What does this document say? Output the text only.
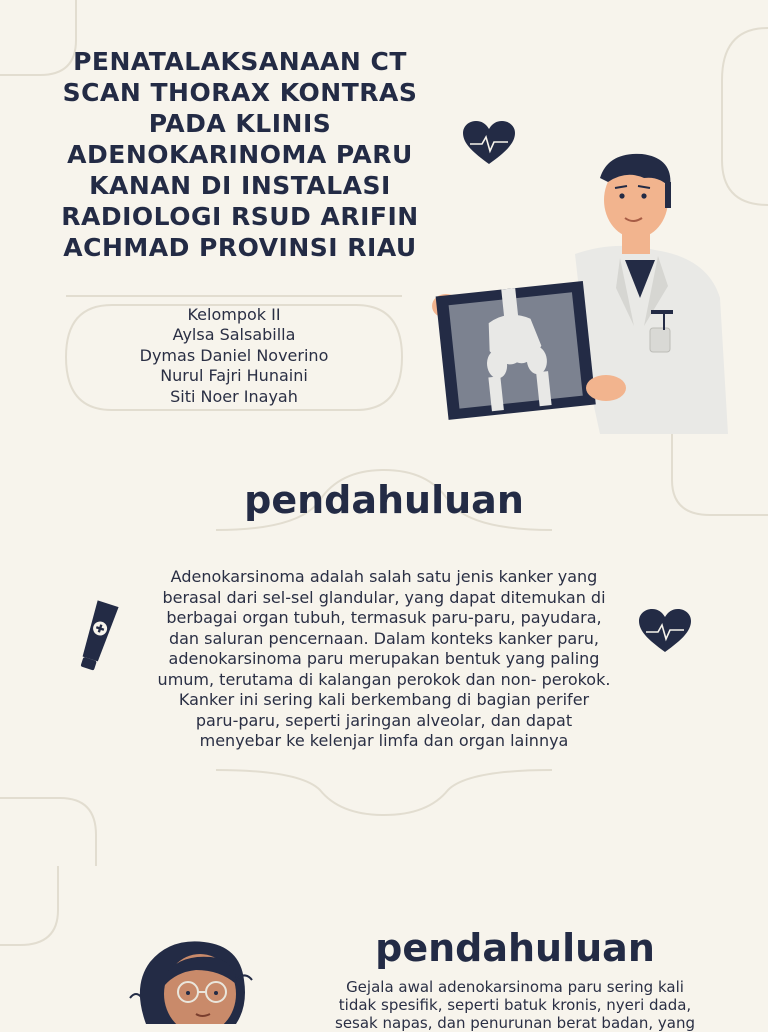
PENATALAKSANAAN CT SCAN THORAX KONTRAS PADA KLINIS ADENOKARINOMA PARU KANAN DI INSTALASI RADIOLOGI RSUD ARIFIN ACHMAD PROVINSI RIAU
Kelompok II
Aylsa Salsabilla
Dymas Daniel Noverino
Nurul Fajri Hunaini
Siti Noer Inayah
pendahuluan
Adenokarsinoma adalah salah satu jenis kanker yang
berasal dari sel-sel glandular, yang dapat ditemukan di
berbagai organ tubuh, termasuk paru-paru, payudara,
dan saluran pencernaan. Dalam konteks kanker paru,
adenokarsinoma paru merupakan bentuk yang paling
umum, terutama di kalangan perokok dan non- perokok.
Kanker ini sering kali berkembang di bagian perifer
paru-paru, seperti jaringan alveolar, dan dapat
menyebar ke kelenjar limfa dan organ lainnya
pendahuluan
Gejala awal adenokarsinoma paru sering kali
tidak spesifik, seperti batuk kronis, nyeri dada,
sesak napas, dan penurunan berat badan, yang
